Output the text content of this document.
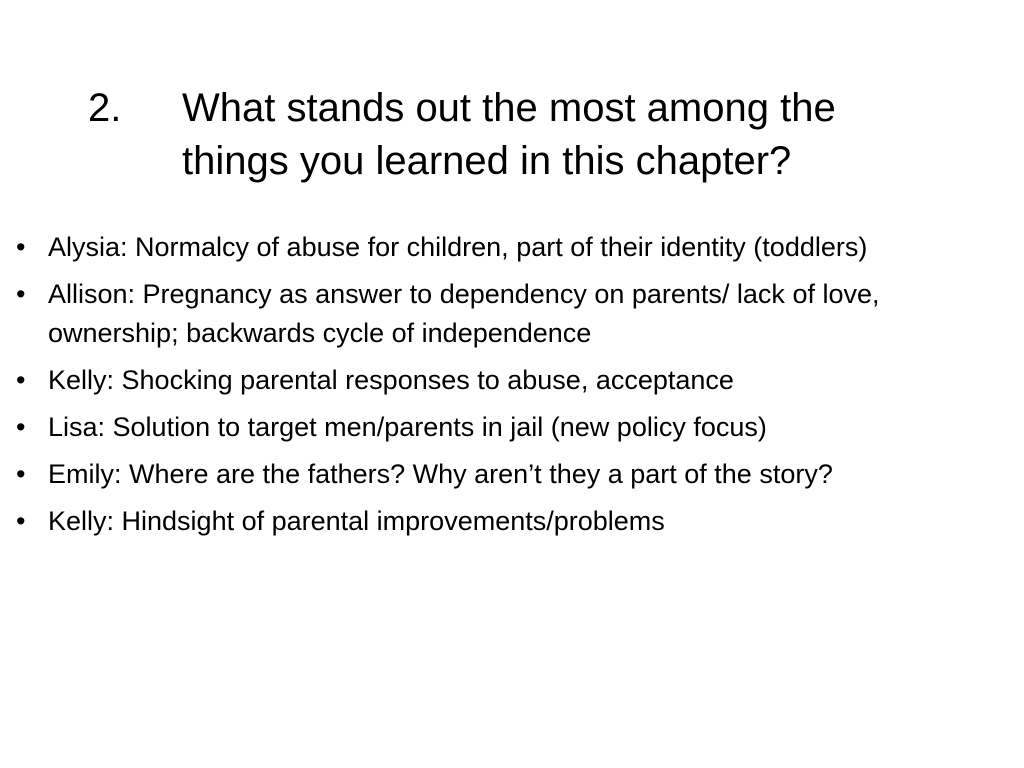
2. What stands out the most among the
things you learned in this chapter?
• Alysia: Normalcy of abuse for children, part of their identity (toddlers)
• Allison: Pregnancy as answer to dependency on parents/ lack of love, ownership; backwards cycle of independence
• Kelly: Shocking parental responses to abuse, acceptance
• Lisa: Solution to target men/parents in jail (new policy focus)
• Emily: Where are the fathers? Why aren’t they a part of the story?
• Kelly: Hindsight of parental improvements/problems
